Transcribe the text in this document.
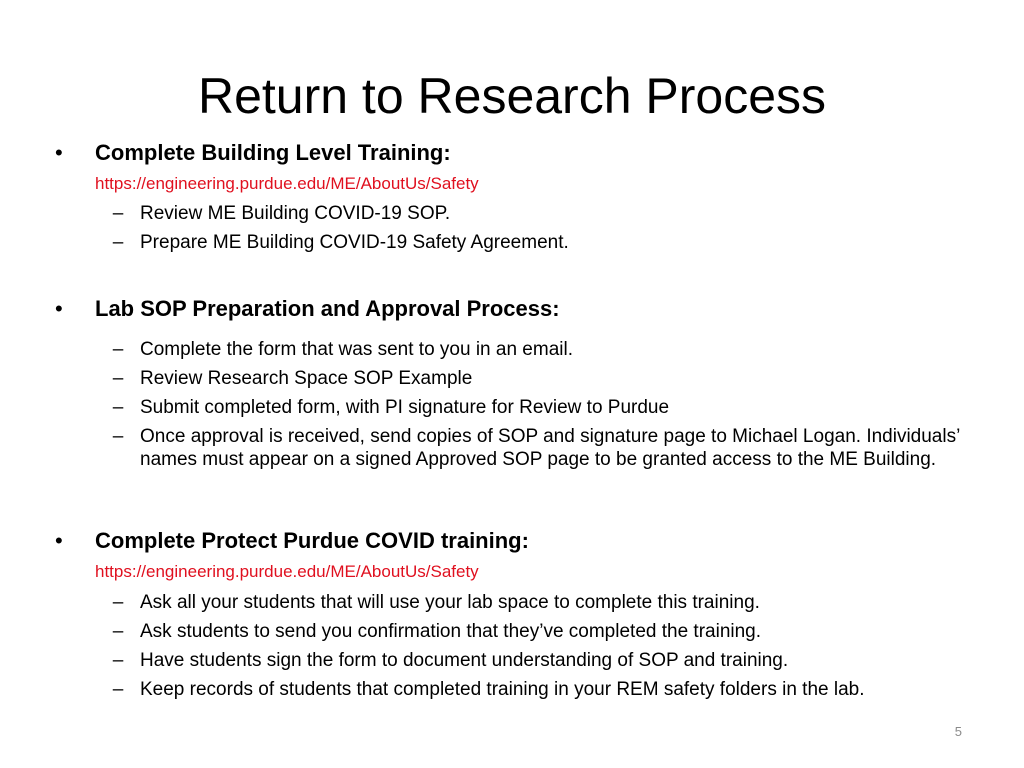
Return to Research Process
• Complete Building Level Training:
https://engineering.purdue.edu/ME/AboutUs/Safety
– Review ME Building COVID-19 SOP.
– Prepare ME Building COVID-19 Safety Agreement.
• Lab SOP Preparation and Approval Process:
– Complete the form that was sent to you in an email.
– Review Research Space SOP Example
– Submit completed form, with PI signature for Review to Purdue
– Once approval is received, send copies of SOP and signature page to Michael Logan. Individuals’ names must appear on a signed Approved SOP page to be granted access to the ME Building.
• Complete Protect Purdue COVID training:
https://engineering.purdue.edu/ME/AboutUs/Safety
– Ask all your students that will use your lab space to complete this training.
– Ask students to send you confirmation that they’ve completed the training.
– Have students sign the form to document understanding of SOP and training.
– Keep records of students that completed training in your REM safety folders in the lab.
5
